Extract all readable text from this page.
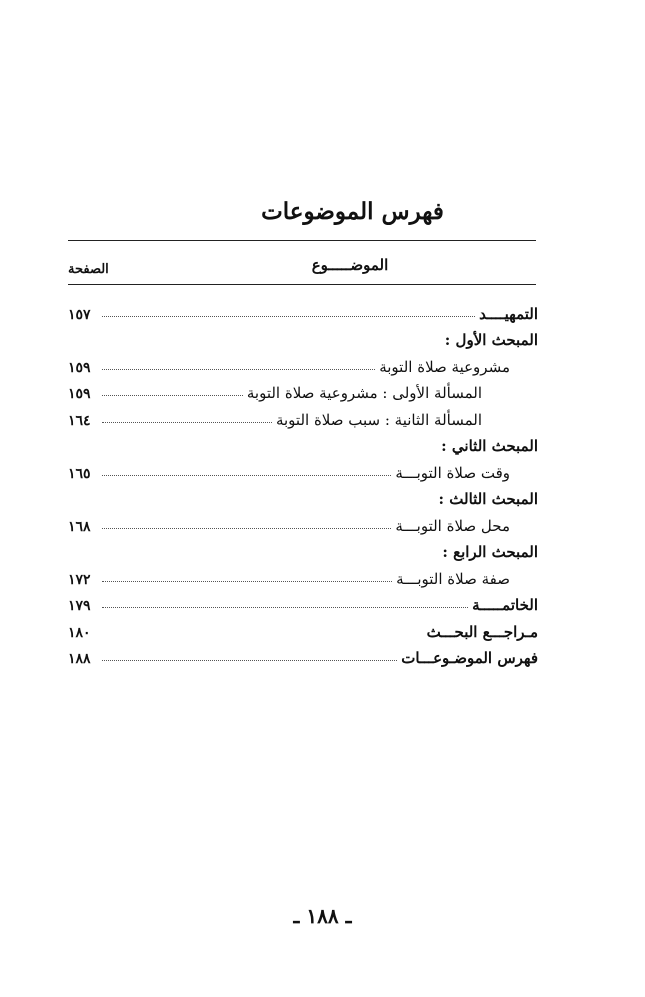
فهرس الموضوعات
الموضـــــوع
الصفحة
التمهيــــد
١٥٧
المبحث الأول :
مشروعية صلاة التوبة
١٥٩
المسألة الأولى : مشروعية صلاة التوبة
١٥٩
المسألة الثانية : سبب صلاة التوبة
١٦٤
المبحث الثاني :
وقت صلاة التوبـــة
١٦٥
المبحث الثالث :
محل صلاة التوبـــة
١٦٨
المبحث الرابع :
صفة صلاة التوبـــة
١٧٢
الخاتمـــــة
١٧٩
مـراجـــع البحـــث
١٨٠
فهرس الموضـوعـــات
١٨٨
ـ ١٨٨ ـ
